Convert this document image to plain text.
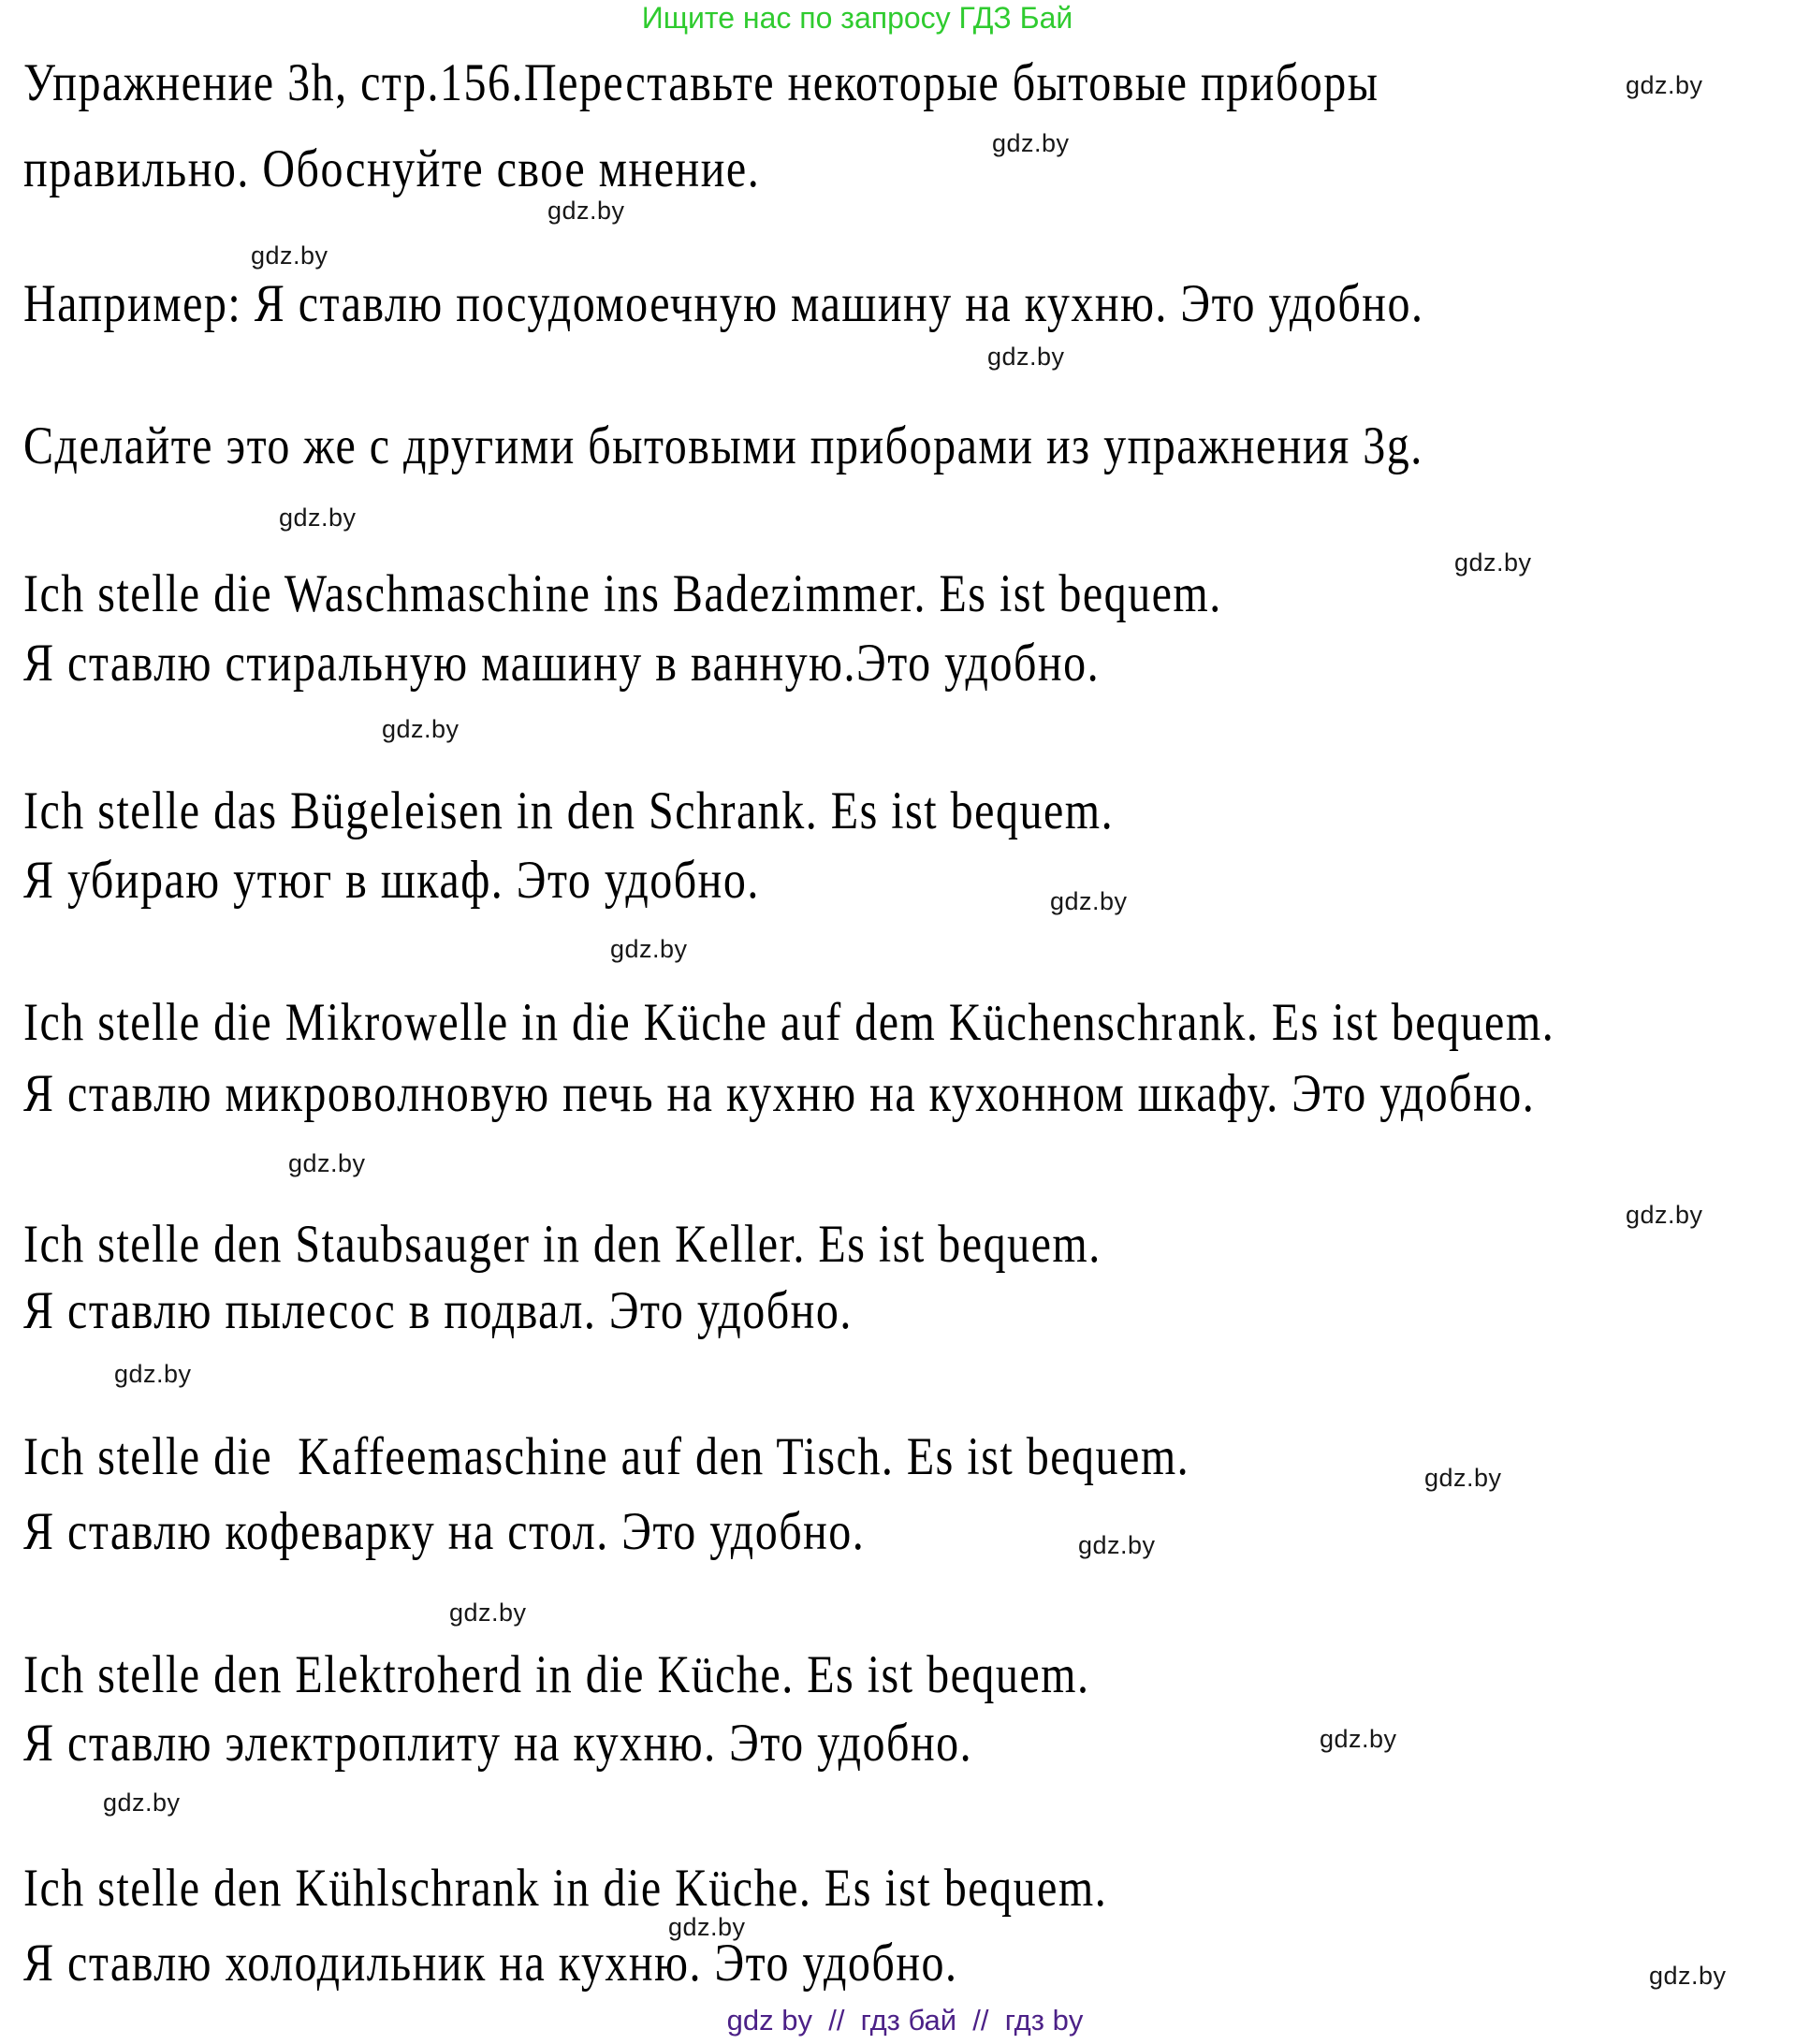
Ищите нас по запросу ГДЗ Бай
Упражнение 3h, стр.156.Переставьте некоторые бытовые приборы
правильно. Обоснуйте свое мнение.
Например: Я ставлю посудомоечную машину на кухню. Это удобно.
Сделайте это же с другими бытовыми приборами из упражнения 3g.
Ich stelle die Waschmaschine ins Badezimmer. Es ist bequem.
Я ставлю стиральную машину в ванную.Это удобно.
Ich stelle das Bügeleisen in den Schrank. Es ist bequem.
Я убираю утюг в шкаф. Это удобно.
Ich stelle die Mikrowelle in die Küche auf dem Küchenschrank. Es ist bequem.
Я ставлю микроволновую печь на кухню на кухонном шкафу. Это удобно.
Ich stelle den Staubsauger in den Keller. Es ist bequem.
Я ставлю пылесос в подвал. Это удобно.
Ich stelle die  Kaffeemaschine auf den Tisch. Es ist bequem.
Я ставлю кофеварку на стол. Это удобно.
Ich stelle den Elektroherd in die Küche. Es ist bequem.
Я ставлю электроплиту на кухню. Это удобно.
Ich stelle den Kühlschrank in die Küche. Es ist bequem.
Я ставлю холодильник на кухню. Это удобно.
gdz.by
gdz.by
gdz.by
gdz.by
gdz.by
gdz.by
gdz.by
gdz.by
gdz.by
gdz.by
gdz.by
gdz.by
gdz.by
gdz.by
gdz.by
gdz.by
gdz.by
gdz.by
gdz.by
gdz.by
gdz by  //  гдз бай  //  гдз by
